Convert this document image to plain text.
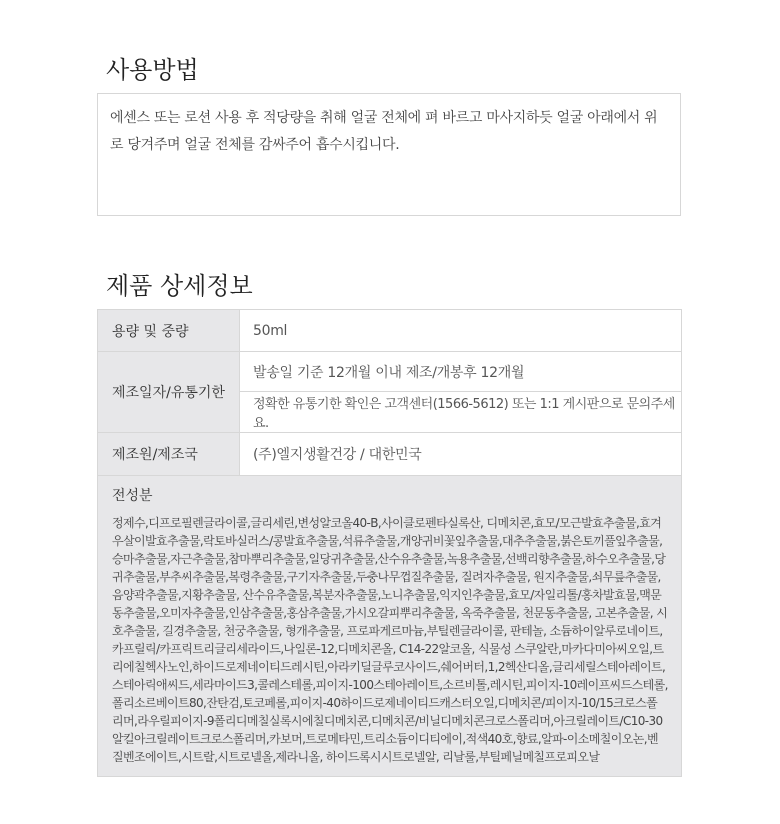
사용방법
에센스 또는 로션 사용 후 적당량을 취해 얼굴 전체에 펴 바르고 마사지하듯 얼굴 아래에서 위로 당겨주며 얼굴 전체를 감싸주어 흡수시킵니다.
제품 상세정보
용량 및 중량	50ml
제조일자/유통기한
발송일 기준 12개월 이내 제조/개봉후 12개월
정확한 유통기한 확인은 고객센터(1566-5612) 또는 1:1 게시판으로 문의주세요.
제조원/제조국	(주)엘지생활건강 / 대한민국
전성분
정제수,디프로필렌글라이콜,글리세린,변성알코올40-B,사이클로펜타실록산, 디메치콘,효모/모근발효추출물,효겨우살이발효추출물,락토바실러스/콩발효추출물,석류추출물,개양귀비꽃잎추출물,대추추출물,붉은토끼풀잎추출물,승마추출물,자근추출물,참마뿌리추출물,일당귀추출물,산수유추출물,녹용추출물,선백리향추출물,하수오추출물,당귀추출물,부추씨추출물,복령추출물,구기자추출물,두충나무껍질추출물, 질려자추출물, 원지추출물,쇠무릎추출물,음양곽추출물,지황추출물, 산수유추출물,복분자추출물,노니추출물,익지인추출물,효모/자일리톨/홍차발효물,맥문동추출물,오미자추출물,인삼추출물,홍삼추출물,가시오갈피뿌리추출물, 옥죽추출물, 천문동추출물, 고본추출물, 시호추출물, 길경추출물, 천궁추출물, 형개추출물, 프로파게르마늄,부틸렌글라이콜, 판테놀, 소듐하이알루로네이트, 카프릴릭/카프릭트리글리세라이드,나일론-12,디메치콘올, C14-22알코올, 식물성 스쿠알란,마카다미아씨오일,트리에칠헥사노인,하이드로제네이티드레시틴,아라키딜글루코사이드,쉐어버터,1,2헥산디올,글리세릴스테아레이트,스테아릭애씨드,세라마이드3,콜레스테롤,피이지-100스테아레이트,소르비톨,레시틴,피이지-10레이프씨드스테롤,폴리소르베이트80,잔탄검,토코페롤,피이지-40하이드로제네이티드캐스터오일,디메치콘/피이지-10/15크로스폴리머,라우릴피이지-9폴리디메칠실록시에칠디메치콘,디메치콘/비닐디메치콘크로스폴리머,아크릴레이트/C10-30알킬아크릴레이트크로스폴리머,카보머,트로메타민,트리소듐이디티에이,적색40호,향료,알파-이소메칠이오논,벤질벤조에이트,시트랄,시트로넬올,제라니올, 하이드록시시트로넬알, 리날룰,부틸페닐메칠프로피오날
